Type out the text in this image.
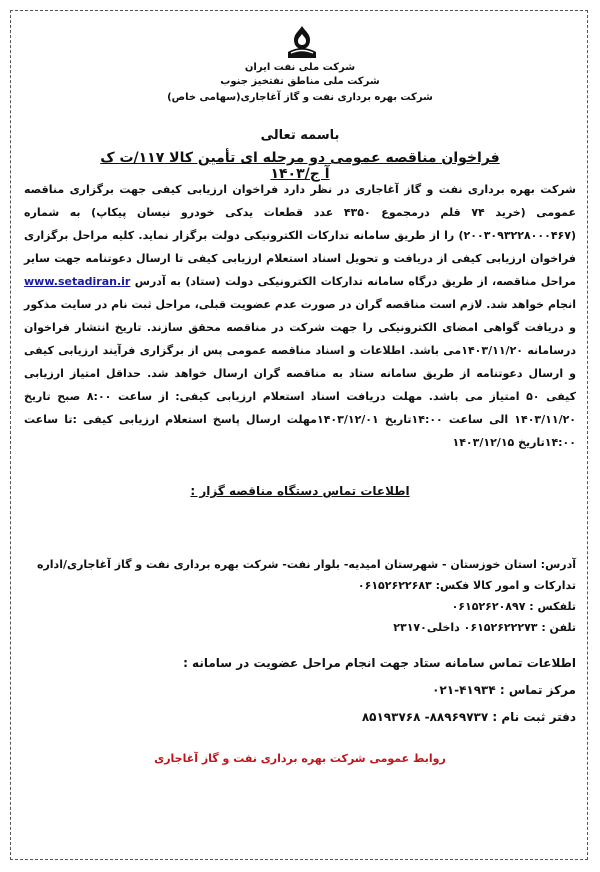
شرکت ملی نفت ایران
شرکت ملی مناطق نفتخیز جنوب
شرکت بهره برداری نفت و گاز آغاجاری(سهامی خاص)
باسمه تعالی
فراخوان مناقصه عمومی دو مرحله ای تأمین کالا ۱۱۷/ت ک آ ج/۱۴۰۳
شرکت بهره برداری نفت و گاز آغاجاری در نظر دارد فراخوان ارزیابی کیفی جهت برگزاری مناقصه عمومی (خرید ۷۴ قلم درمجموع ۴۳۵۰ عدد قطعات یدکی خودرو نیسان پیکاپ) به شماره (۲۰۰۳۰۹۳۲۲۸۰۰۰۴۶۷) را از طریق سامانه تدارکات الکترونیکی دولت برگزار نماید. کلیه مراحل برگزاری فراخوان ارزیابی کیفی از دریافت و تحویل اسناد استعلام ارزیابی کیفی تا ارسال دعوتنامه جهت سایر مراحل مناقصه، از طریق درگاه سامانه تدارکات الکترونیکی دولت (ستاد) به آدرس www.setadiran.ir انجام خواهد شد. لازم است مناقصه گران در صورت عدم عضویت قبلی، مراحل ثبت نام در سایت مذکور و دریافت گواهی امضای الکترونیکی را جهت شرکت در مناقصه محقق سازند. تاریخ انتشار فراخوان درسامانه ۱۴۰۳/۱۱/۲۰می باشد. اطلاعات و اسناد مناقصه عمومی پس از برگزاری فرآیند ارزیابی کیفی و ارسال دعوتنامه از طریق سامانه ستاد به مناقصه گران ارسال خواهد شد. حداقل امتیاز ارزیابی کیفی ۵۰ امتیاز می باشد. مهلت دریافت اسناد استعلام ارزیابی کیفی: از ساعت ۸:۰۰ صبح تاریخ ۱۴۰۳/۱۱/۲۰ الی ساعت ۱۴:۰۰تاریخ ۱۴۰۳/۱۲/۰۱مهلت ارسال پاسخ استعلام ارزیابی کیفی :تا ساعت ۱۴:۰۰تاریخ ۱۴۰۳/۱۲/۱۵
اطلاعات تماس دستگاه مناقصه گزار :
آدرس: استان خوزستان - شهرستان امیدیه- بلوار نفت- شرکت بهره برداری نفت و گاز آغاجاری/اداره تدارکات و امور کالا فکس: ۰۶۱۵۲۶۲۲۶۸۳
تلفکس : ۰۶۱۵۲۶۲۰۸۹۷
تلفن : ۰۶۱۵۲۶۲۲۲۷۳ داخلی۲۳۱۷۰
اطلاعات تماس سامانه ستاد جهت انجام مراحل عضویت در سامانه :
مرکز تماس : ۴۱۹۳۴-۰۲۱
دفتر ثبت نام : ۸۸۹۶۹۷۳۷- ۸۵۱۹۳۷۶۸
روابط عمومی شرکت بهره برداری نفت و گاز آغاجاری
